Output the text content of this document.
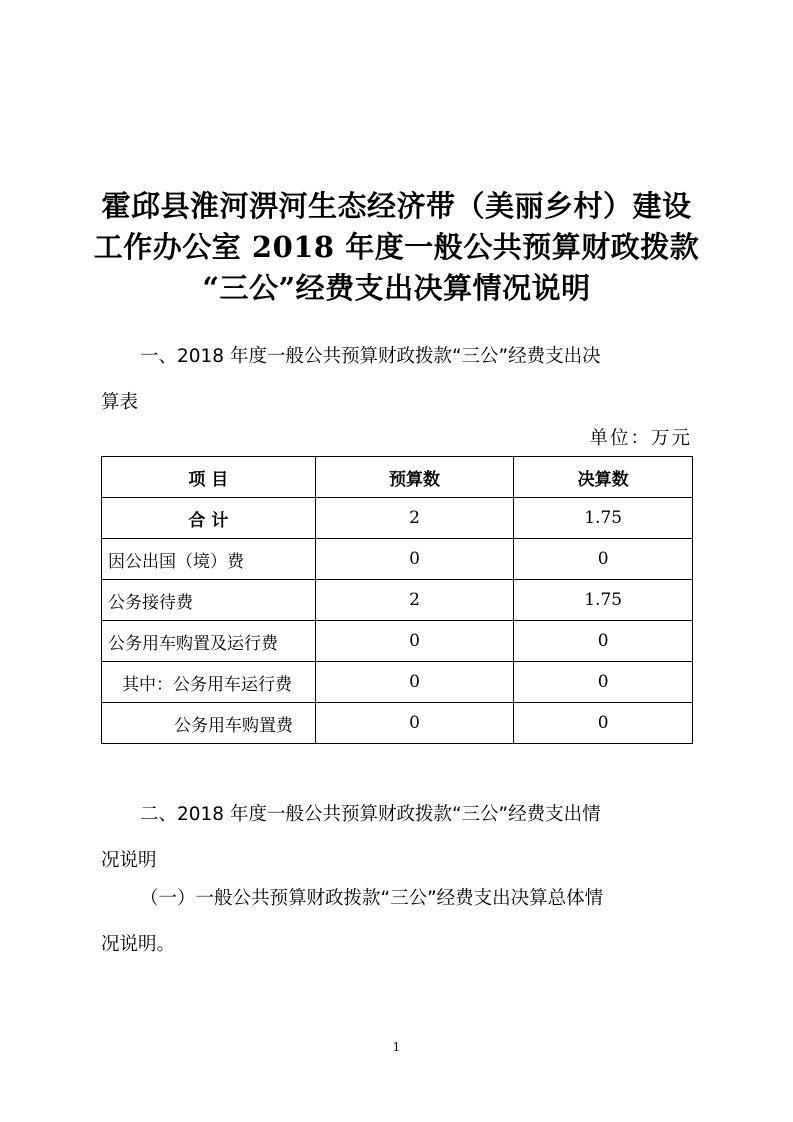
霍邱县淮河淠河生态经济带（美丽乡村）建设
工作办公室 2018 年度一般公共预算财政拨款
“三公”经费支出决算情况说明

一、2018 年度一般公共预算财政拨款“三公”经费支出决
算表

单位：万元
项 目	预算数	决算数
合 计	2	1.75
因公出国（境）费	0	0
公务接待费	2	1.75
公务用车购置及运行费	0	0
其中：公务用车运行费	0	0
公务用车购置费	0	0

二、2018 年度一般公共预算财政拨款“三公”经费支出情
况说明

（一）一般公共预算财政拨款“三公”经费支出决算总体情
况说明。

1
